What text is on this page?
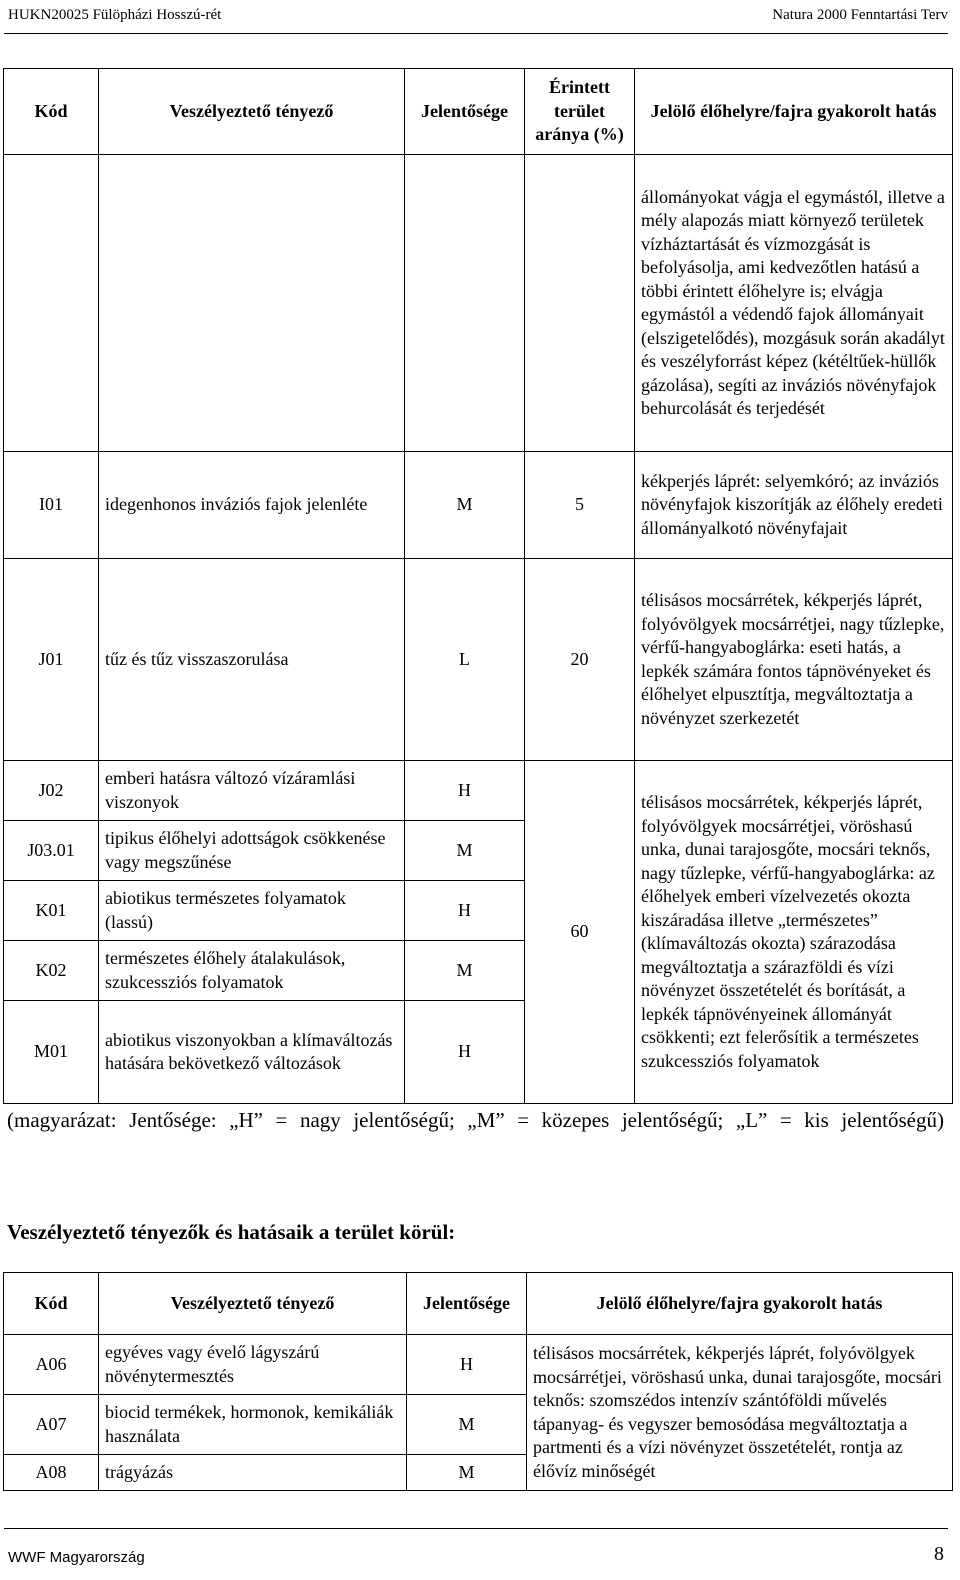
HUKN20025 Fülöpházi Hosszú-rét	Natura 2000 Fenntartási Terv
Kód	Veszélyeztető tényező	Jelentősége	Érintett terület aránya (%)	Jelölő élőhelyre/fajra gyakorolt hatás
				állományokat vágja el egymástól, illetve a mély alapozás miatt környező területek vízháztartását és vízmozgását is befolyásolja, ami kedvezőtlen hatású a többi érintett élőhelyre is; elvágja egymástól a védendő fajok állományait (elszigetelődés), mozgásuk során akadályt és veszélyforrást képez (kétéltűek-hüllők gázolása), segíti az inváziós növényfajok behurcolását és terjedését
I01	idegenhonos inváziós fajok jelenléte	M	5	kékperjés láprét: selyemkóró; az inváziós növényfajok kiszorítják az élőhely eredeti állományalkotó növényfajait
J01	tűz és tűz visszaszorulása	L	20	télisásos mocsárrétek, kékperjés láprét, folyóvölgyek mocsárrétjei, nagy tűzlepke, vérfű-hangyaboglárka: eseti hatás, a lepkék számára fontos tápnövényeket és élőhelyet elpusztítja, megváltoztatja a növényzet szerkezetét
J02	emberi hatásra változó vízáramlási viszonyok	H	60	télisásos mocsárrétek, kékperjés láprét, folyóvölgyek mocsárrétjei, vöröshasú unka, dunai tarajosgőte, mocsári teknős, nagy tűzlepke, vérfű-hangyaboglárka: az élőhelyek emberi vízelvezetés okozta kiszáradása illetve „természetes” (klímaváltozás okozta) szárazodása megváltoztatja a szárazföldi és vízi növényzet összetételét és borítását, a lepkék tápnövényeinek állományát csökkenti; ezt felerősítik a természetes szukcessziós folyamatok
J03.01	tipikus élőhelyi adottságok csökkenése vagy megszűnése	M		
K01	abiotikus természetes folyamatok (lassú)	H		
K02	természetes élőhely átalakulások, szukcessziós folyamatok	M		
M01	abiotikus viszonyokban a klímaváltozás hatására bekövetkező változások	H		
(magyarázat: Jentősége: „H” = nagy jelentőségű; „M” = közepes jelentőségű; „L” = kis jelentőségű)
Veszélyeztető tényezők és hatásaik a terület körül:
Kód	Veszélyeztető tényező	Jelentősége	Jelölő élőhelyre/fajra gyakorolt hatás
A06	egyéves vagy évelő lágyszárú növénytermesztés	H	télisásos mocsárrétek, kékperjés láprét, folyóvölgyek mocsárrétjei, vöröshasú unka, dunai tarajosgőte, mocsári teknős: szomszédos intenzív szántóföldi művelés tápanyag- és vegyszer bemosódása megváltoztatja a partmenti és a vízi növényzet összetételét, rontja az élővíz minőségét
A07	biocid termékek, hormonok, kemikáliák használata	M	
A08	trágyázás	M	
WWF Magyarország	8
